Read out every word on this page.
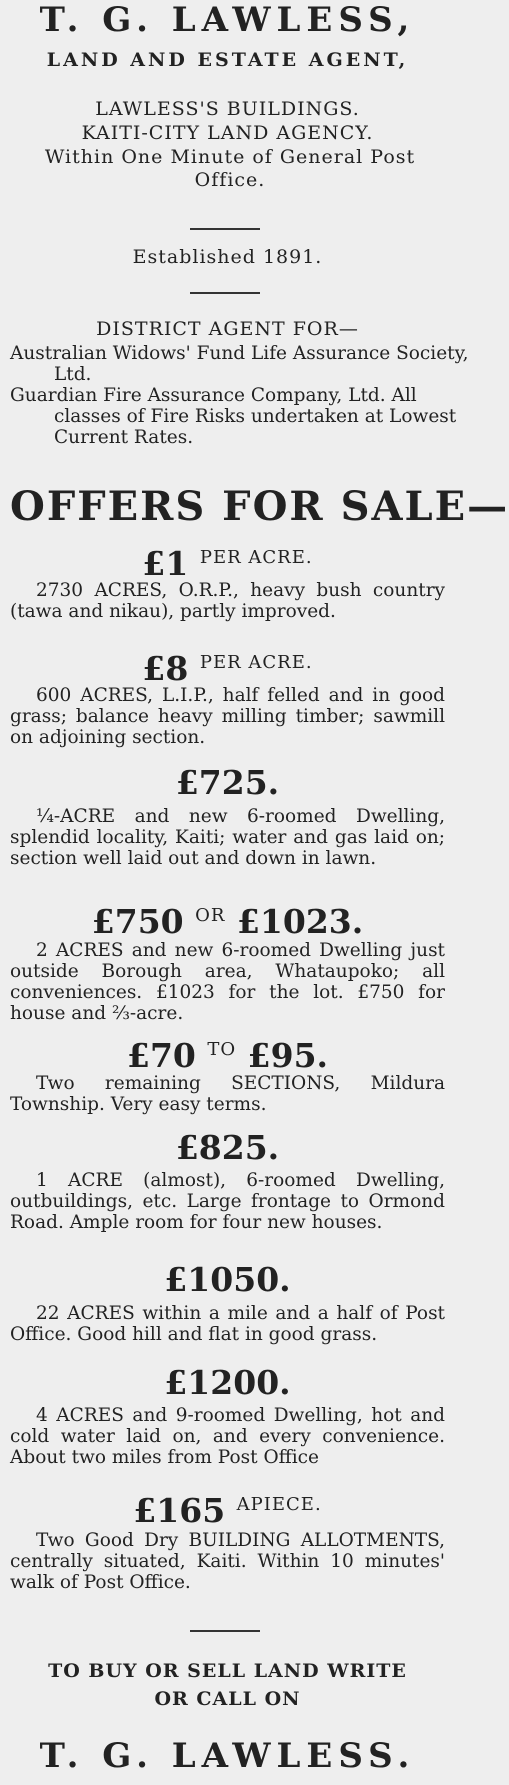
T. G. LAWLESS,
LAND AND ESTATE AGENT,
LAWLESS'S BUILDINGS.
KAITI-CITY LAND AGENCY.
Within One Minute of General Post Office.
Established 1891.
DISTRICT AGENT FOR—
Australian Widows' Fund Life Assurance Society, Ltd.
Guardian Fire Assurance Company, Ltd. All classes of Fire Risks undertaken at Lowest Current Rates.
OFFERS FOR SALE—
£1 $^{PER ACRE.}$
2730 ACRES, O.R.P., heavy bush country (tawa and nikau), partly improved.
£8 $^{PER ACRE.}$
600 ACRES, L.I.P., half felled and in good grass; balance heavy milling timber; sawmill on adjoining section.
£725.
¼-ACRE and new 6-roomed Dwelling, splendid locality, Kaiti; water and gas laid on; section well laid out and down in lawn.
£750 $^{OR}$ £1023.
2 ACRES and new 6-roomed Dwelling just outside Borough area, Whataupoko; all conveniences. £1023 for the lot. £750 for house and ⅔-acre.
£70 $^{TO}$ £95.
Two remaining SECTIONS, Mildura Township. Very easy terms.
£825.
1 ACRE (almost), 6-roomed Dwelling, outbuildings, etc. Large frontage to Ormond Road. Ample room for four new houses.
£1050.
22 ACRES within a mile and a half of Post Office. Good hill and flat in good grass.
£1200.
4 ACRES and 9-roomed Dwelling, hot and cold water laid on, and every convenience. About two miles from Post Office
£165 $^{APIECE.}$
Two Good Dry BUILDING ALLOTMENTS, centrally situated, Kaiti. Within 10 minutes' walk of Post Office.
TO BUY OR SELL LAND WRITE
OR CALL ON
T. G. LAWLESS.
